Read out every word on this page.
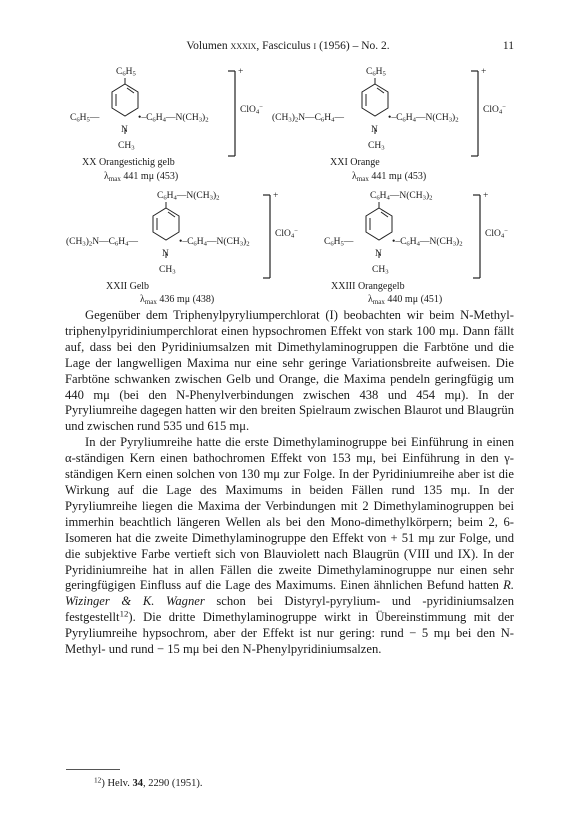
Volumen xxxix, Fasciculus i (1956) – No. 2.	11
$C_6H_5$
$C_6H_5—$	$•-C_6H_4—N(CH_3)_2$
N
$CH_3$
+
ClO$_4$−
XX Orangestichig gelb
$\lambda_{max}$ 441 mμ (453)
$C_6H_5$
$(CH_3)_2N—C_6H_4—$	$•-C_6H_4—N(CH_3)_2$
N
$CH_3$
+
ClO$_4$−
XXI Orange
$\lambda_{max}$ 441 mμ (453)
$C_6H_4—N(CH_3)_2$
$(CH_3)_2N—C_6H_4—$	$•-C_6H_4—N(CH_3)_2$
N
$CH_3$
+
ClO$_4$−
XXII Gelb
$\lambda_{max}$ 436 mμ (438)
$C_6H_4—N(CH_3)_2$
$C_6H_5—$	$•-C_6H_4—N(CH_3)_2$
N
$CH_3$
+
ClO$_4$−
XXIII Orangegelb
$\lambda_{max}$ 440 mμ (451)

Gegenüber dem Triphenylpyryliumperchlorat (I) beobachten wir beim N-Methyl-triphenylpyridiniumperchlorat einen hypsochromen Effekt von stark 100 mμ. Dann fällt auf, dass bei den Pyridiniumsalzen mit Dimethylaminogruppen die Farbtöne und die Lage der langwelligen Maxima nur eine sehr geringe Variationsbreite aufweisen. Die Farbtöne schwanken zwischen Gelb und Orange, die Maxima pendeln geringfügig um 440 mμ (bei den N-Phenylverbindungen zwischen 438 und 454 mμ). In der Pyryliumreihe dagegen hatten wir den breiten Spielraum zwischen Blaurot und Blaugrün und zwischen rund 535 und 615 mμ.

In der Pyryliumreihe hatte die erste Dimethylaminogruppe bei Einführung in einen α-ständigen Kern einen bathochromen Effekt von 153 mμ, bei Einführung in den γ-ständigen Kern einen solchen von 130 mμ zur Folge. In der Pyridiniumreihe aber ist die Wirkung auf die Lage des Maximums in beiden Fällen rund 135 mμ. In der Pyryliumreihe liegen die Maxima der Verbindungen mit 2 Dimethylaminogruppen bei immerhin beachtlich längeren Wellen als bei den Mono-dimethylkörpern; beim 2, 6-Isomeren hat die zweite Dimethylaminogruppe den Effekt von + 51 mμ zur Folge, und die subjektive Farbe vertieft sich von Blauviolett nach Blaugrün (VIII und IX). In der Pyridiniumreihe hat in allen Fällen die zweite Dimethylaminogruppe nur einen sehr geringfügigen Einfluss auf die Lage des Maximums. Einen ähnlichen Befund hatten R. Wizinger & K. Wagner schon bei Distyryl-pyrylium- und -pyridiniumsalzen festgestellt$^{12}$). Die dritte Dimethylaminogruppe wirkt in Übereinstimmung mit der Pyryliumreihe hypsochrom, aber der Effekt ist nur gering: rund − 5 mμ bei den N-Methyl- und rund − 15 mμ bei den N-Phenylpyridiniumsalzen.

$^{12}$) Helv. 34, 2290 (1951).
